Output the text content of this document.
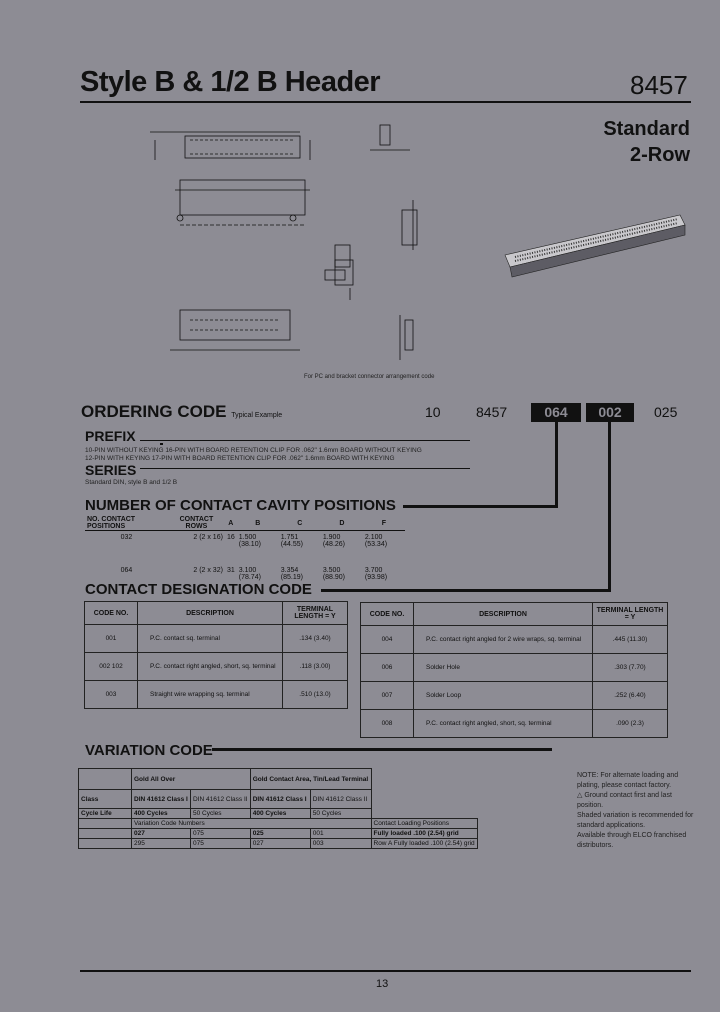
Style B & 1/2 B Header	8457
Standard
2-Row
For PC and bracket connector arrangement code
ORDERING CODE Typical Example	10	8457	064	002	025
PREFIX
10-PIN WITHOUT KEYING 16-PIN WITH BOARD RETENTION CLIP FOR .062" 1.6mm BOARD WITHOUT KEYING
12-PIN WITH KEYING 17-PIN WITH BOARD RETENTION CLIP FOR .062" 1.6mm BOARD WITH KEYING
SERIES
Standard DIN, style B and 1/2 B
NUMBER OF CONTACT CAVITY POSITIONS
NO. CONTACT POSITIONS	CONTACT ROWS	A	B	C	D	F
032	2 (2 x 16)	16	1.500 (38.10)	1.751 (44.55)	1.900 (48.26)	2.100 (53.34)
064	2 (2 x 32)	31	3.100 (78.74)	3.354 (85.19)	3.500 (88.90)	3.700 (93.98)
CONTACT DESIGNATION CODE
CODE NO.	DESCRIPTION	TERMINAL LENGTH = Y
001	P.C. contact sq. terminal	.134 (3.40)
002 102	P.C. contact right angled, short, sq. terminal	.118 (3.00)
003	Straight wire wrapping sq. terminal	.510 (13.0)
CODE NO.	DESCRIPTION	TERMINAL LENGTH = Y
004	P.C. contact right angled for 2 wire wraps, sq. terminal	.445 (11.30)
006	Solder Hole	.303 (7.70)
007	Solder Loop	.252 (6.40)
008	P.C. contact right angled, short, sq. terminal	.090 (2.3)
VARIATION CODE
	Gold All Over		Gold Contact Area, Tin/Lead Terminal		
Class	DIN 41612 Class I	DIN 41612 Class II	DIN 41612 Class I	DIN 41612 Class II	
Cycle Life	400 Cycles	50 Cycles	400 Cycles	50 Cycles	
	Variation Code Numbers				Contact Loading Positions
	027	075	025	001	Fully loaded .100 (2.54) grid
	295	075	027	003	Row A Fully loaded .100 (2.54) grid
NOTE: For alternate loading and plating, please contact factory.
△ Ground contact first and last position.
Shaded variation is recommended for standard applications.
Available through ELCO franchised distributors.
13
